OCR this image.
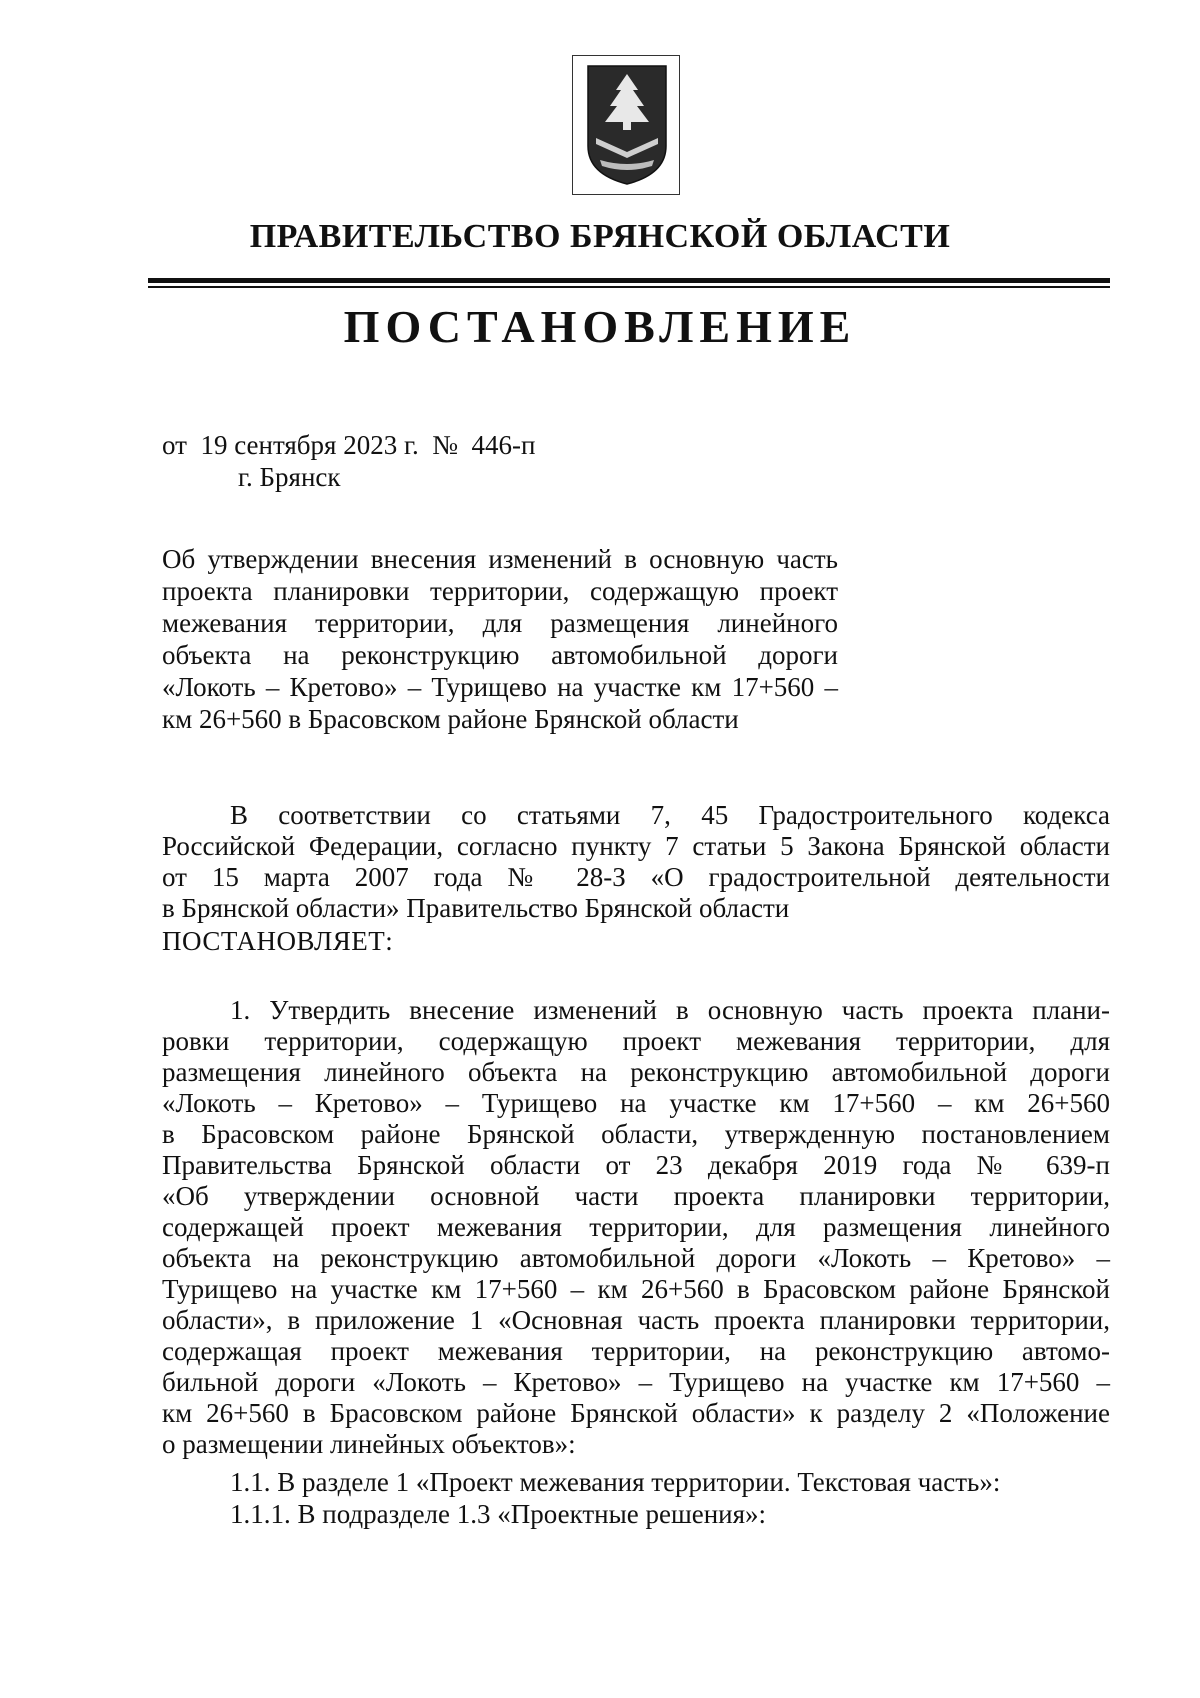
ПРАВИТЕЛЬСТВО БРЯНСКОЙ ОБЛАСТИ
ПОСТАНОВЛЕНИЕ
от  19 сентября 2023 г.  №  446-п
г. Брянск
Об утверждении внесения изменений в основную часть
проекта планировки территории, содержащую проект
межевания территории, для размещения линейного
объекта на реконструкцию автомобильной дороги
«Локоть – Кретово» – Турищево на участке км 17+560 –
км 26+560 в Брасовском районе Брянской области
В соответствии со статьями 7, 45 Градостроительного кодекса
Российской Федерации, согласно пункту 7 статьи 5 Закона Брянской области
от 15 марта 2007 года № 28-З «О градостроительной деятельности
в Брянской области» Правительство Брянской области
ПОСТАНОВЛЯЕТ:
1. Утвердить внесение изменений в основную часть проекта плани-
ровки территории, содержащую проект межевания территории, для
размещения линейного объекта на реконструкцию автомобильной дороги
«Локоть – Кретово» – Турищево на участке км 17+560 – км 26+560
в Брасовском районе Брянской области, утвержденную постановлением
Правительства Брянской области от 23 декабря 2019 года № 639-п
«Об утверждении основной части проекта планировки территории,
содержащей проект межевания территории, для размещения линейного
объекта на реконструкцию автомобильной дороги «Локоть – Кретово» –
Турищево на участке км 17+560 – км 26+560 в Брасовском районе Брянской
области», в приложение 1 «Основная часть проекта планировки территории,
содержащая проект межевания территории, на реконструкцию автомо-
бильной дороги «Локоть – Кретово» – Турищево на участке км 17+560 –
км 26+560 в Брасовском районе Брянской области» к разделу 2 «Положение
о размещении линейных объектов»:
1.1. В разделе 1 «Проект межевания территории. Текстовая часть»:
1.1.1. В подразделе 1.3 «Проектные решения»:
